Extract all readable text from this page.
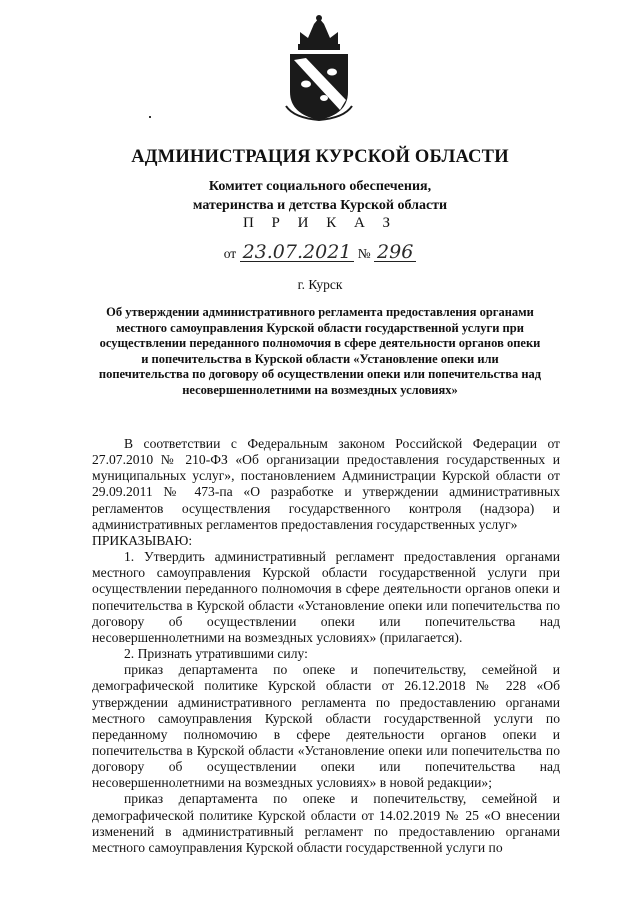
АДМИНИСТРАЦИЯ КУРСКОЙ ОБЛАСТИ
Комитет социального обеспечения,
материнства и детства Курской области
П Р И К А З
от 23.07.2021 № 296
г. Курск
Об утверждении административного регламента предоставления органами местного самоуправления Курской области государственной услуги при осуществлении переданного полномочия в сфере деятельности органов опеки и попечительства в Курской области «Установление опеки или попечительства по договору об осуществлении опеки или попечительства над несовершеннолетними на возмездных условиях»

В соответствии с Федеральным законом Российской Федерации от 27.07.2010 № 210-ФЗ «Об организации предоставления государственных и муниципальных услуг», постановлением Администрации Курской области от 29.09.2011 № 473-па «О разработке и утверждении административных регламентов осуществления государственного контроля (надзора) и административных регламентов предоставления государственных услуг»

ПРИКАЗЫВАЮ:

1. Утвердить административный регламент предоставления органами местного самоуправления Курской области государственной услуги при осуществлении переданного полномочия в сфере деятельности органов опеки и попечительства в Курской области «Установление опеки или попечительства по договору об осуществлении опеки или попечительства над несовершеннолетними на возмездных условиях» (прилагается).

2. Признать утратившими силу:

приказ департамента по опеке и попечительству, семейной и демографической политике Курской области от 26.12.2018 № 228 «Об утверждении административного регламента по предоставлению органами местного самоуправления Курской области государственной услуги по переданному полномочию в сфере деятельности органов опеки и попечительства в Курской области «Установление опеки или попечительства по договору об осуществлении опеки или попечительства над несовершеннолетними на возмездных условиях» в новой редакции»;

приказ департамента по опеке и попечительству, семейной и демографической политике Курской области от 14.02.2019 № 25 «О внесении изменений в административный регламент по предоставлению органами местного самоуправления Курской области государственной услуги по
